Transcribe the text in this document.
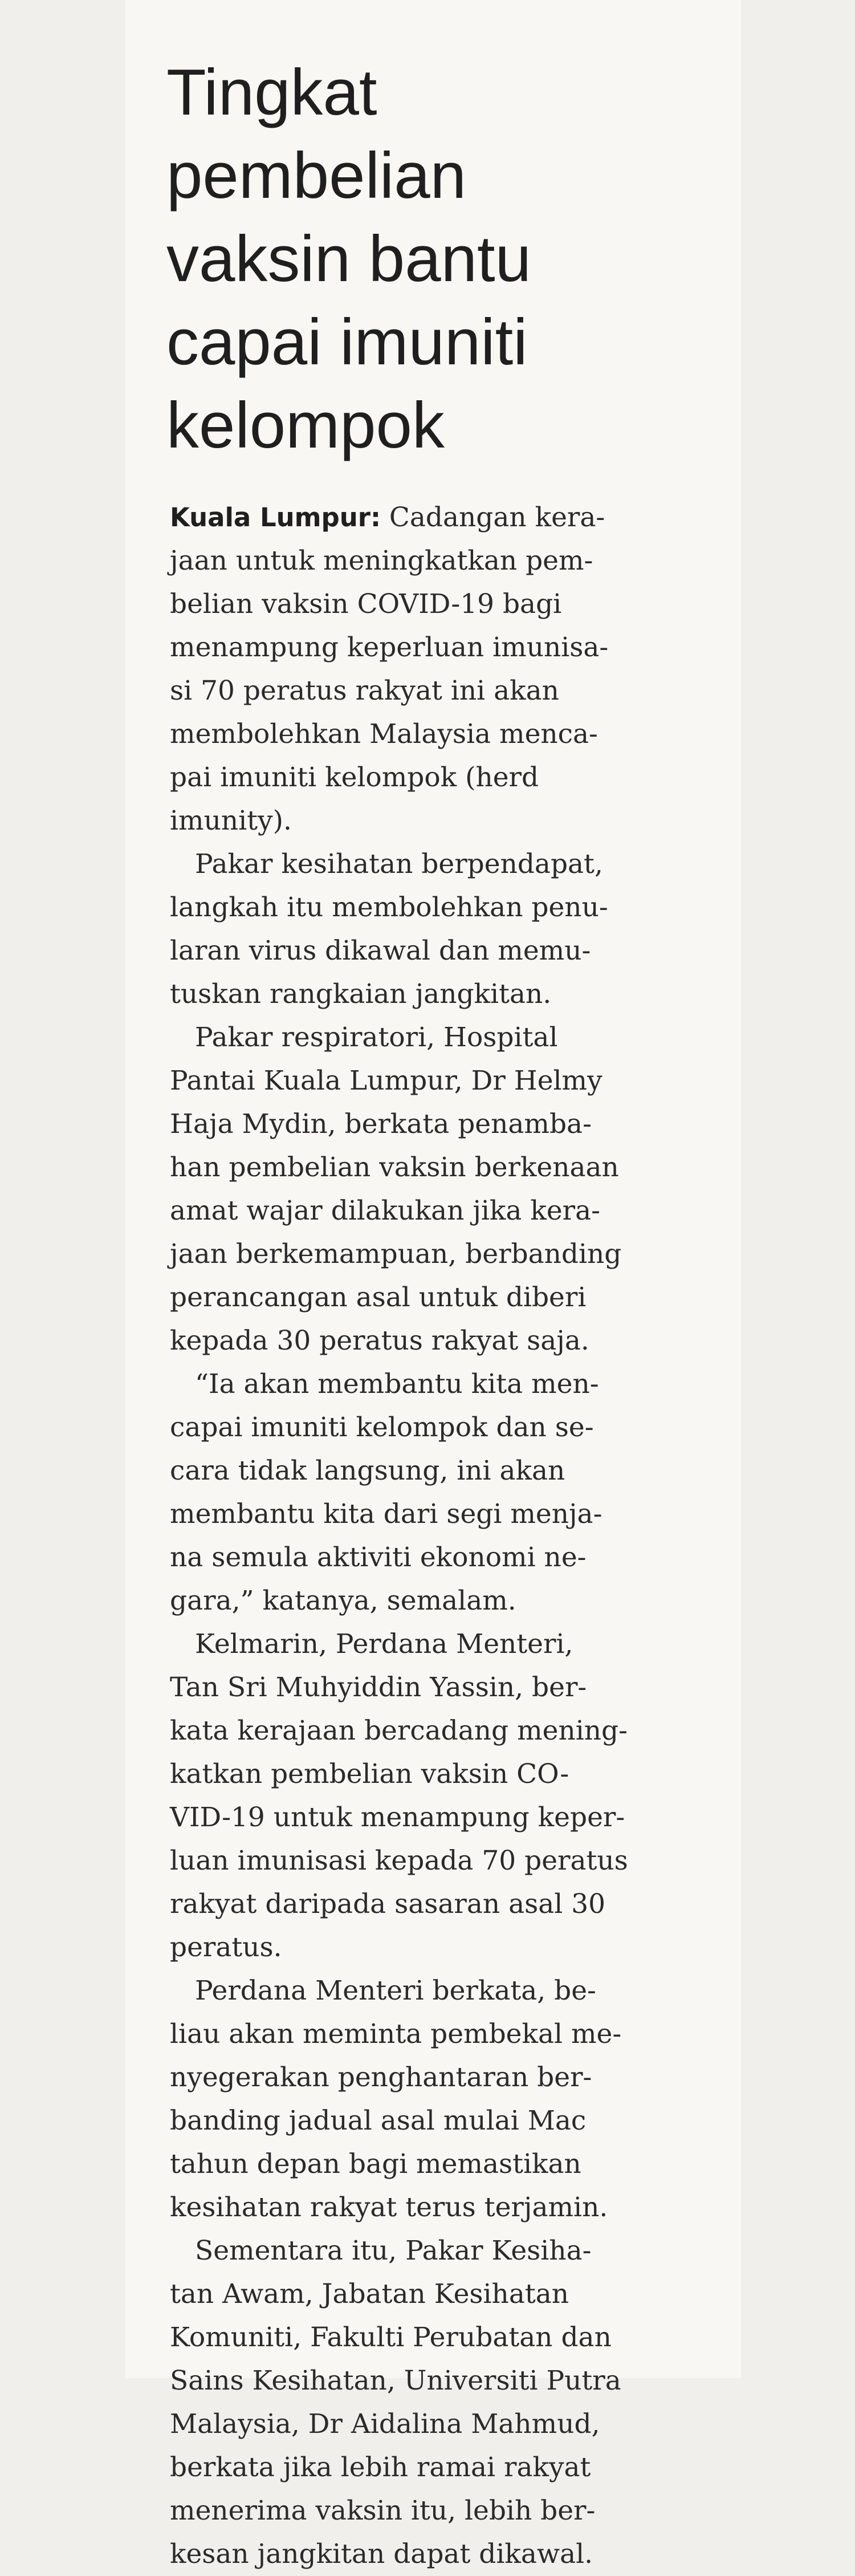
Tingkat
pembelian
vaksin bantu
capai imuniti
kelompok

Kuala Lumpur: Cadangan kera-
jaan untuk meningkatkan pem-
belian vaksin COVID-19 bagi
menampung keperluan imunisa-
si 70 peratus rakyat ini akan
membolehkan Malaysia menca-
pai imuniti kelompok (herd
imunity).

Pakar kesihatan berpendapat,
langkah itu membolehkan penu-
laran virus dikawal dan memu-
tuskan rangkaian jangkitan.

Pakar respiratori, Hospital
Pantai Kuala Lumpur, Dr Helmy
Haja Mydin, berkata penamba-
han pembelian vaksin berkenaan
amat wajar dilakukan jika kera-
jaan berkemampuan, berbanding
perancangan asal untuk diberi
kepada 30 peratus rakyat saja.

“Ia akan membantu kita men-
capai imuniti kelompok dan se-
cara tidak langsung, ini akan
membantu kita dari segi menja-
na semula aktiviti ekonomi ne-
gara,” katanya, semalam.

Kelmarin, Perdana Menteri,
Tan Sri Muhyiddin Yassin, ber-
kata kerajaan bercadang mening-
katkan pembelian vaksin CO-
VID-19 untuk menampung keper-
luan imunisasi kepada 70 peratus
rakyat daripada sasaran asal 30
peratus.

Perdana Menteri berkata, be-
liau akan meminta pembekal me-
nyegerakan penghantaran ber-
banding jadual asal mulai Mac
tahun depan bagi memastikan
kesihatan rakyat terus terjamin.

Sementara itu, Pakar Kesiha-
tan Awam, Jabatan Kesihatan
Komuniti, Fakulti Perubatan dan
Sains Kesihatan, Universiti Putra
Malaysia, Dr Aidalina Mahmud,
berkata jika lebih ramai rakyat
menerima vaksin itu, lebih ber-
kesan jangkitan dapat dikawal.
